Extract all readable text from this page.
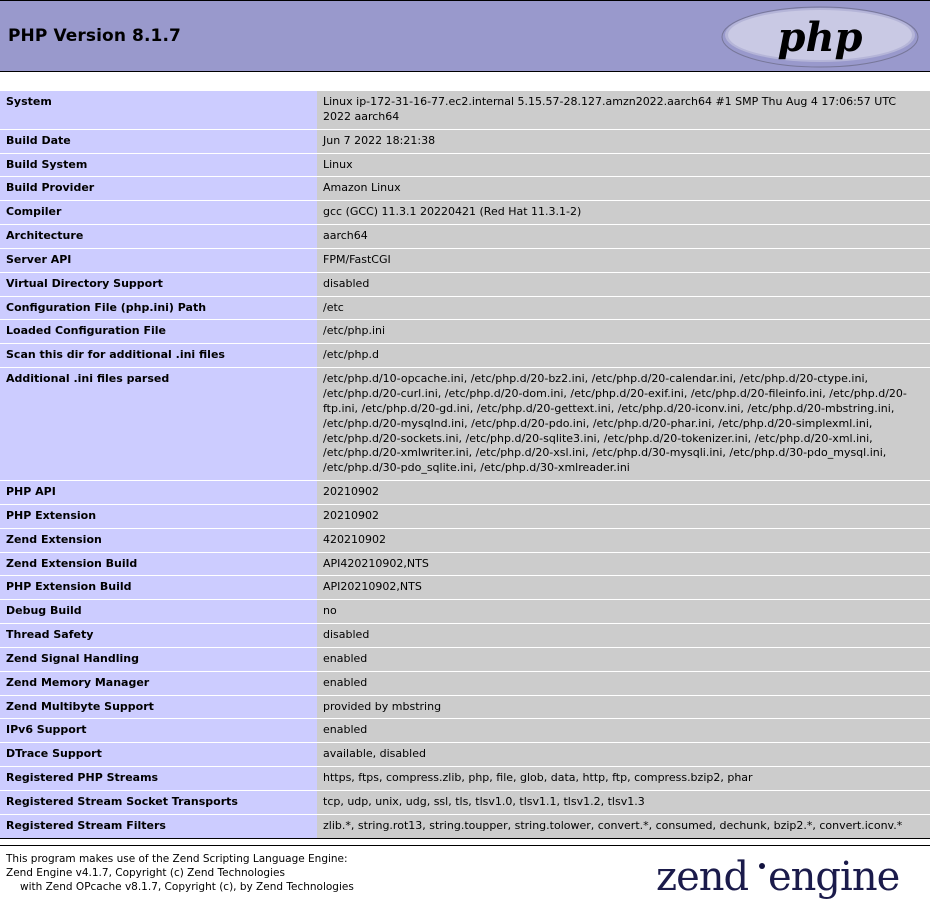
PHP Version 8.1.7	php
System	Linux ip-172-31-16-77.ec2.internal 5.15.57-28.127.amzn2022.aarch64 #1 SMP Thu Aug 4 17:06:57 UTC 2022 aarch64
Build Date	Jun 7 2022 18:21:38
Build System	Linux
Build Provider	Amazon Linux
Compiler	gcc (GCC) 11.3.1 20220421 (Red Hat 11.3.1-2)
Architecture	aarch64
Server API	FPM/FastCGI
Virtual Directory Support	disabled
Configuration File (php.ini) Path	/etc
Loaded Configuration File	/etc/php.ini
Scan this dir for additional .ini files	/etc/php.d
Additional .ini files parsed	/etc/php.d/10-opcache.ini, /etc/php.d/20-bz2.ini, /etc/php.d/20-calendar.ini, /etc/php.d/20-ctype.ini, /etc/php.d/20-curl.ini, /etc/php.d/20-dom.ini, /etc/php.d/20-exif.ini, /etc/php.d/20-fileinfo.ini, /etc/php.d/20-ftp.ini, /etc/php.d/20-gd.ini, /etc/php.d/20-gettext.ini, /etc/php.d/20-iconv.ini, /etc/php.d/20-mbstring.ini, /etc/php.d/20-mysqlnd.ini, /etc/php.d/20-pdo.ini, /etc/php.d/20-phar.ini, /etc/php.d/20-simplexml.ini, /etc/php.d/20-sockets.ini, /etc/php.d/20-sqlite3.ini, /etc/php.d/20-tokenizer.ini, /etc/php.d/20-xml.ini, /etc/php.d/20-xmlwriter.ini, /etc/php.d/20-xsl.ini, /etc/php.d/30-mysqli.ini, /etc/php.d/30-pdo_mysql.ini, /etc/php.d/30-pdo_sqlite.ini, /etc/php.d/30-xmlreader.ini
PHP API	20210902
PHP Extension	20210902
Zend Extension	420210902
Zend Extension Build	API420210902,NTS
PHP Extension Build	API20210902,NTS
Debug Build	no
Thread Safety	disabled
Zend Signal Handling	enabled
Zend Memory Manager	enabled
Zend Multibyte Support	provided by mbstring
IPv6 Support	enabled
DTrace Support	available, disabled
Registered PHP Streams	https, ftps, compress.zlib, php, file, glob, data, http, ftp, compress.bzip2, phar
Registered Stream Socket Transports	tcp, udp, unix, udg, ssl, tls, tlsv1.0, tlsv1.1, tlsv1.2, tlsv1.3
Registered Stream Filters	zlib.*, string.rot13, string.toupper, string.tolower, convert.*, consumed, dechunk, bzip2.*, convert.iconv.*
This program makes use of the Zend Scripting Language Engine:
Zend Engine v4.1.7, Copyright (c) Zend Technologies

with Zend OPcache v8.1.7, Copyright (c), by Zend Technologies	zend engine
